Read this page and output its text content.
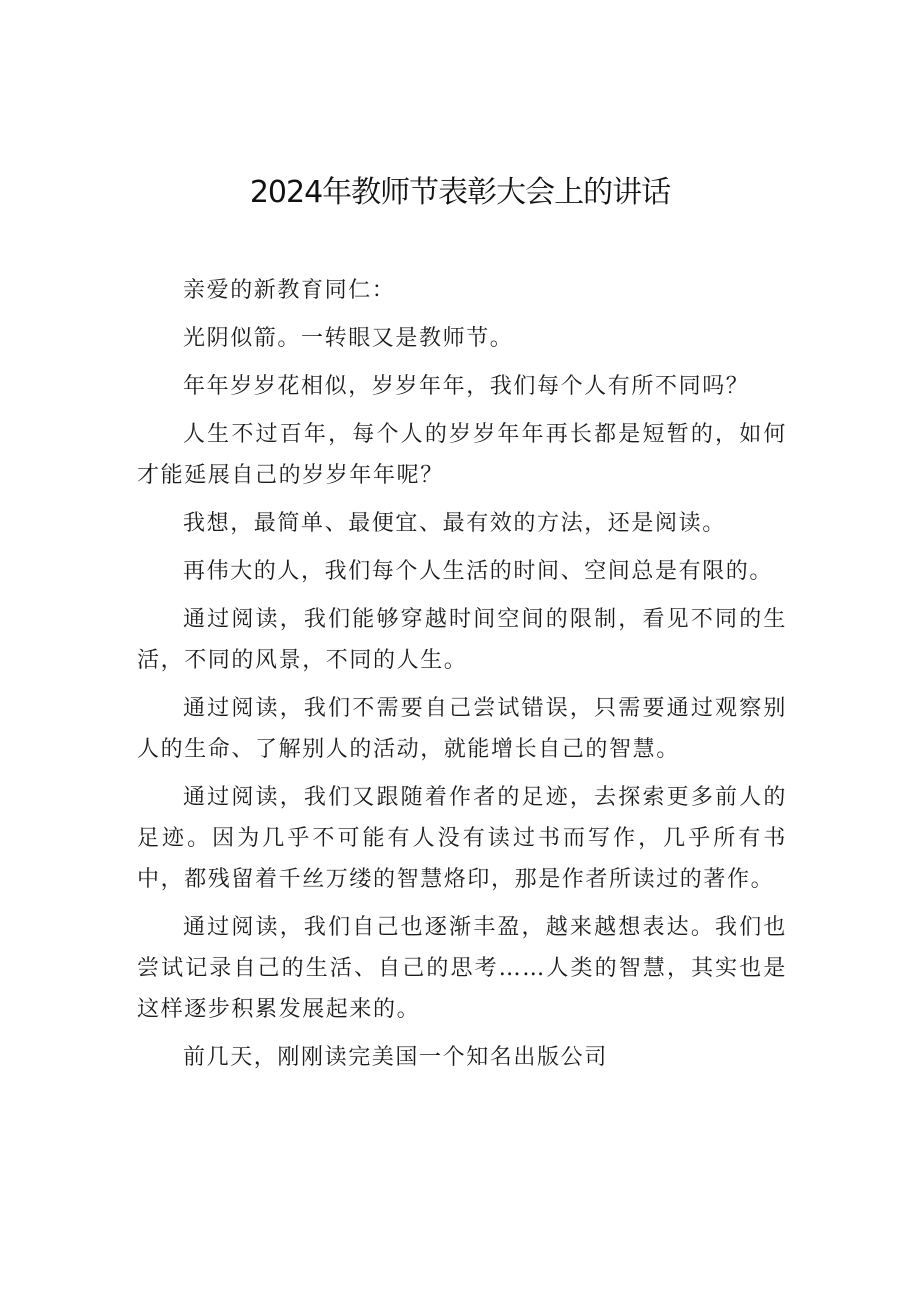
2024年教师节表彰大会上的讲话

亲爱的新教育同仁：

光阴似箭。一转眼又是教师节。

年年岁岁花相似，岁岁年年，我们每个人有所不同吗？

人生不过百年，每个人的岁岁年年再长都是短暂的，如何才能延展自己的岁岁年年呢？

我想，最简单、最便宜、最有效的方法，还是阅读。

再伟大的人，我们每个人生活的时间、空间总是有限的。

通过阅读，我们能够穿越时间空间的限制，看见不同的生活，不同的风景，不同的人生。

通过阅读，我们不需要自己尝试错误，只需要通过观察别人的生命、了解别人的活动，就能增长自己的智慧。

通过阅读，我们又跟随着作者的足迹，去探索更多前人的足迹。因为几乎不可能有人没有读过书而写作，几乎所有书中，都残留着千丝万缕的智慧烙印，那是作者所读过的著作。

通过阅读，我们自己也逐渐丰盈，越来越想表达。我们也尝试记录自己的生活、自己的思考……人类的智慧，其实也是这样逐步积累发展起来的。

前几天，刚刚读完美国一个知名出版公司
